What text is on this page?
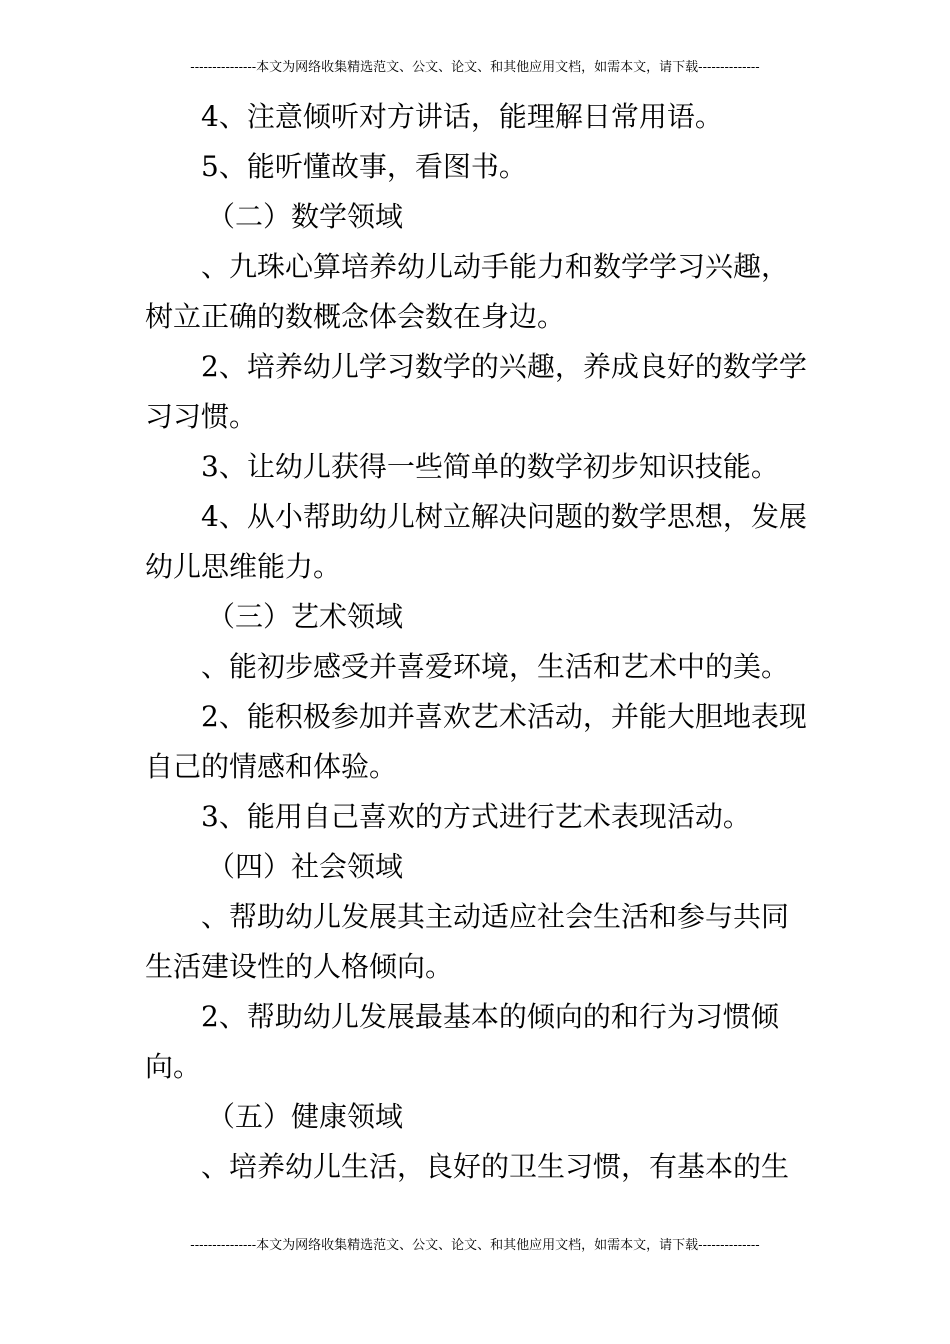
---------------本文为网络收集精选范文、公文、论文、和其他应用文档，如需本文，请下载--------------

4、注意倾听对方讲话，能理解日常用语。

5、能听懂故事，看图书。

（二）数学领域

、九珠心算培养幼儿动手能力和数学学习兴趣，树立正确的数概念体会数在身边。

2、培养幼儿学习数学的兴趣，养成良好的数学学习习惯。

3、让幼儿获得一些简单的数学初步知识技能。

4、从小帮助幼儿树立解决问题的数学思想，发展幼儿思维能力。

（三）艺术领域

、能初步感受并喜爱环境，生活和艺术中的美。

2、能积极参加并喜欢艺术活动，并能大胆地表现自己的情感和体验。

3、能用自己喜欢的方式进行艺术表现活动。

（四）社会领域

、帮助幼儿发展其主动适应社会生活和参与共同生活建设性的人格倾向。

2、帮助幼儿发展最基本的倾向的和行为习惯倾向。

（五）健康领域

、培养幼儿生活，良好的卫生习惯，有基本的生

---------------本文为网络收集精选范文、公文、论文、和其他应用文档，如需本文，请下载--------------
